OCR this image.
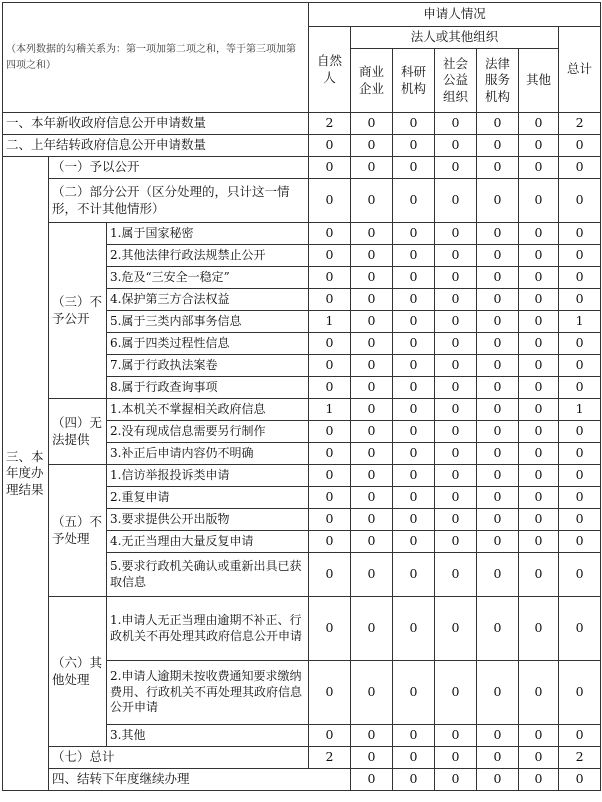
（本列数据的勾稽关系为：第一项加第二项之和，等于第三项加第四项之和）			申请人情况							
			自然人	法人或其他组织					总计	
				商业企业	科研机构	社会公益组织	法律服务机构	其他		
一、本年新收政府信息公开申请数量			2	0	0	0	0	0	2	
二、上年结转政府信息公开申请数量			0	0	0	0	0	0	0	
三、本年度办理结果	（一）予以公开		0	0	0	0	0	0	0	
	（二）部分公开（区分处理的，只计这一情形，不计其他情形）		0	0	0	0	0	0	0	
	（三）不予公开	1.属于国家秘密	0	0	0	0	0	0	0	
		2.其他法律行政法规禁止公开	0	0	0	0	0	0	0	
		3.危及“三安全一稳定”	0	0	0	0	0	0	0	
		4.保护第三方合法权益	0	0	0	0	0	0	0	
		5.属于三类内部事务信息	1	0	0	0	0	0	1	
		6.属于四类过程性信息	0	0	0	0	0	0	0	
		7.属于行政执法案卷	0	0	0	0	0	0	0	
		8.属于行政查询事项	0	0	0	0	0	0	0	
	（四）无法提供	1.本机关不掌握相关政府信息	1	0	0	0	0	0	1	
		2.没有现成信息需要另行制作	0	0	0	0	0	0	0	
		3.补正后申请内容仍不明确	0	0	0	0	0	0	0	
	（五）不予处理	1.信访举报投诉类申请	0	0	0	0	0	0	0	
		2.重复申请	0	0	0	0	0	0	0	
		3.要求提供公开出版物	0	0	0	0	0	0	0	
		4.无正当理由大量反复申请	0	0	0	0	0	0	0	
		5.要求行政机关确认或重新出具已获取信息	0	0	0	0	0	0	0	
	（六）其他处理	1.申请人无正当理由逾期不补正、行政机关不再处理其政府信息公开申请	0	0	0	0	0	0	0	
		2.申请人逾期未按收费通知要求缴纳费用、行政机关不再处理其政府信息公开申请	0	0	0	0	0	0	0	
		3.其他	0	0	0	0	0	0	0	
	（七）总计		2	0	0	0	0	0	2	
	四、结转下年度继续办理			0	0	0	0	0	0	
